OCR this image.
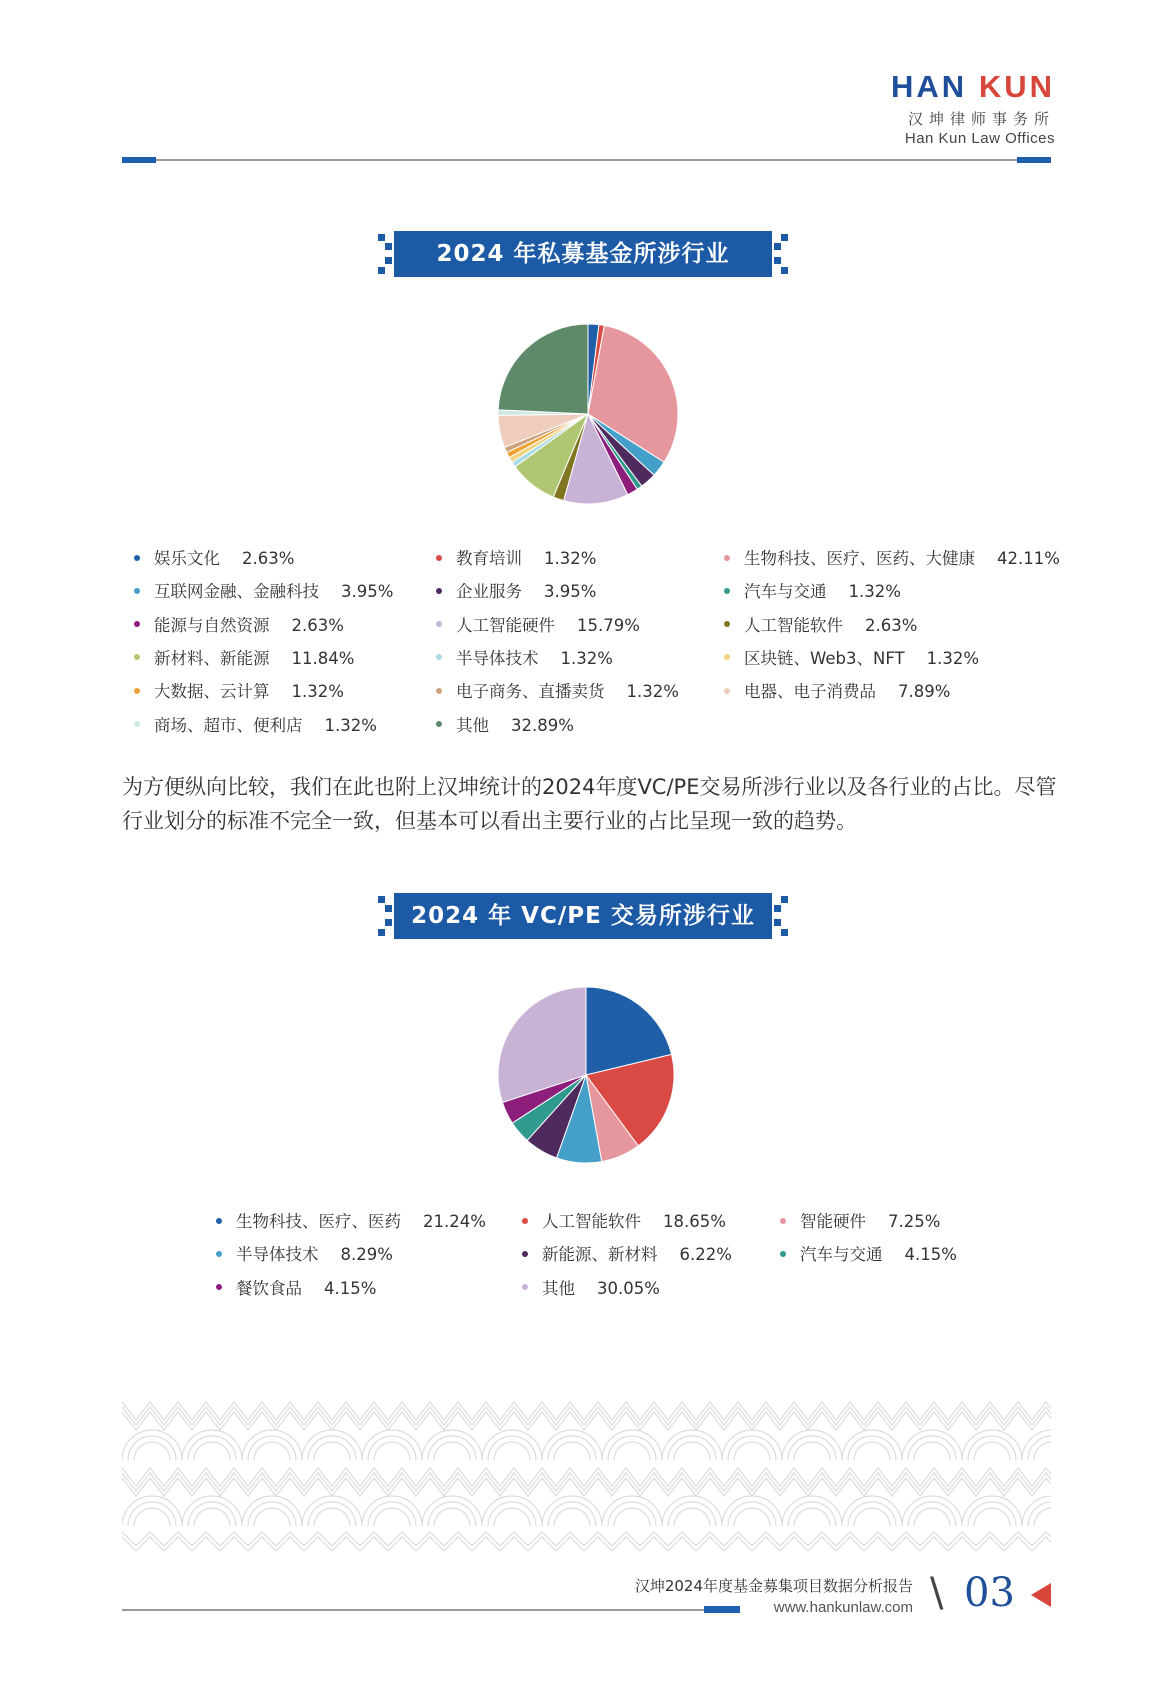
HAN KUN
汉坤律师事务所
Han Kun Law Offices
2024 年私募基金所涉行业
娱乐文化 2.63%	教育培训 1.32%	生物科技、医疗、医药、大健康 42.11%
互联网金融、金融科技 3.95%	企业服务 3.95%	汽车与交通 1.32%
能源与自然资源 2.63%	人工智能硬件 15.79%	人工智能软件 2.63%
新材料、新能源 11.84%	半导体技术 1.32%	区块链、Web3、NFT 1.32%
大数据、云计算 1.32%	电子商务、直播卖货 1.32%	电器、电子消费品 7.89%
商场、超市、便利店 1.32%	其他 32.89%
为方便纵向比较，我们在此也附上汉坤统计的2024年度VC/PE交易所涉行业以及各行业的占比。尽管行业划分的标准不完全一致，但基本可以看出主要行业的占比呈现一致的趋势。
2024 年 VC/PE 交易所涉行业
生物科技、医疗、医药 21.24%	人工智能软件 18.65%	智能硬件 7.25%
半导体技术 8.29%	新能源、新材料 6.22%	汽车与交通 4.15%
餐饮食品 4.15%	其他 30.05%
汉坤2024年度基金募集项目数据分析报告
www.hankunlaw.com \ 03
